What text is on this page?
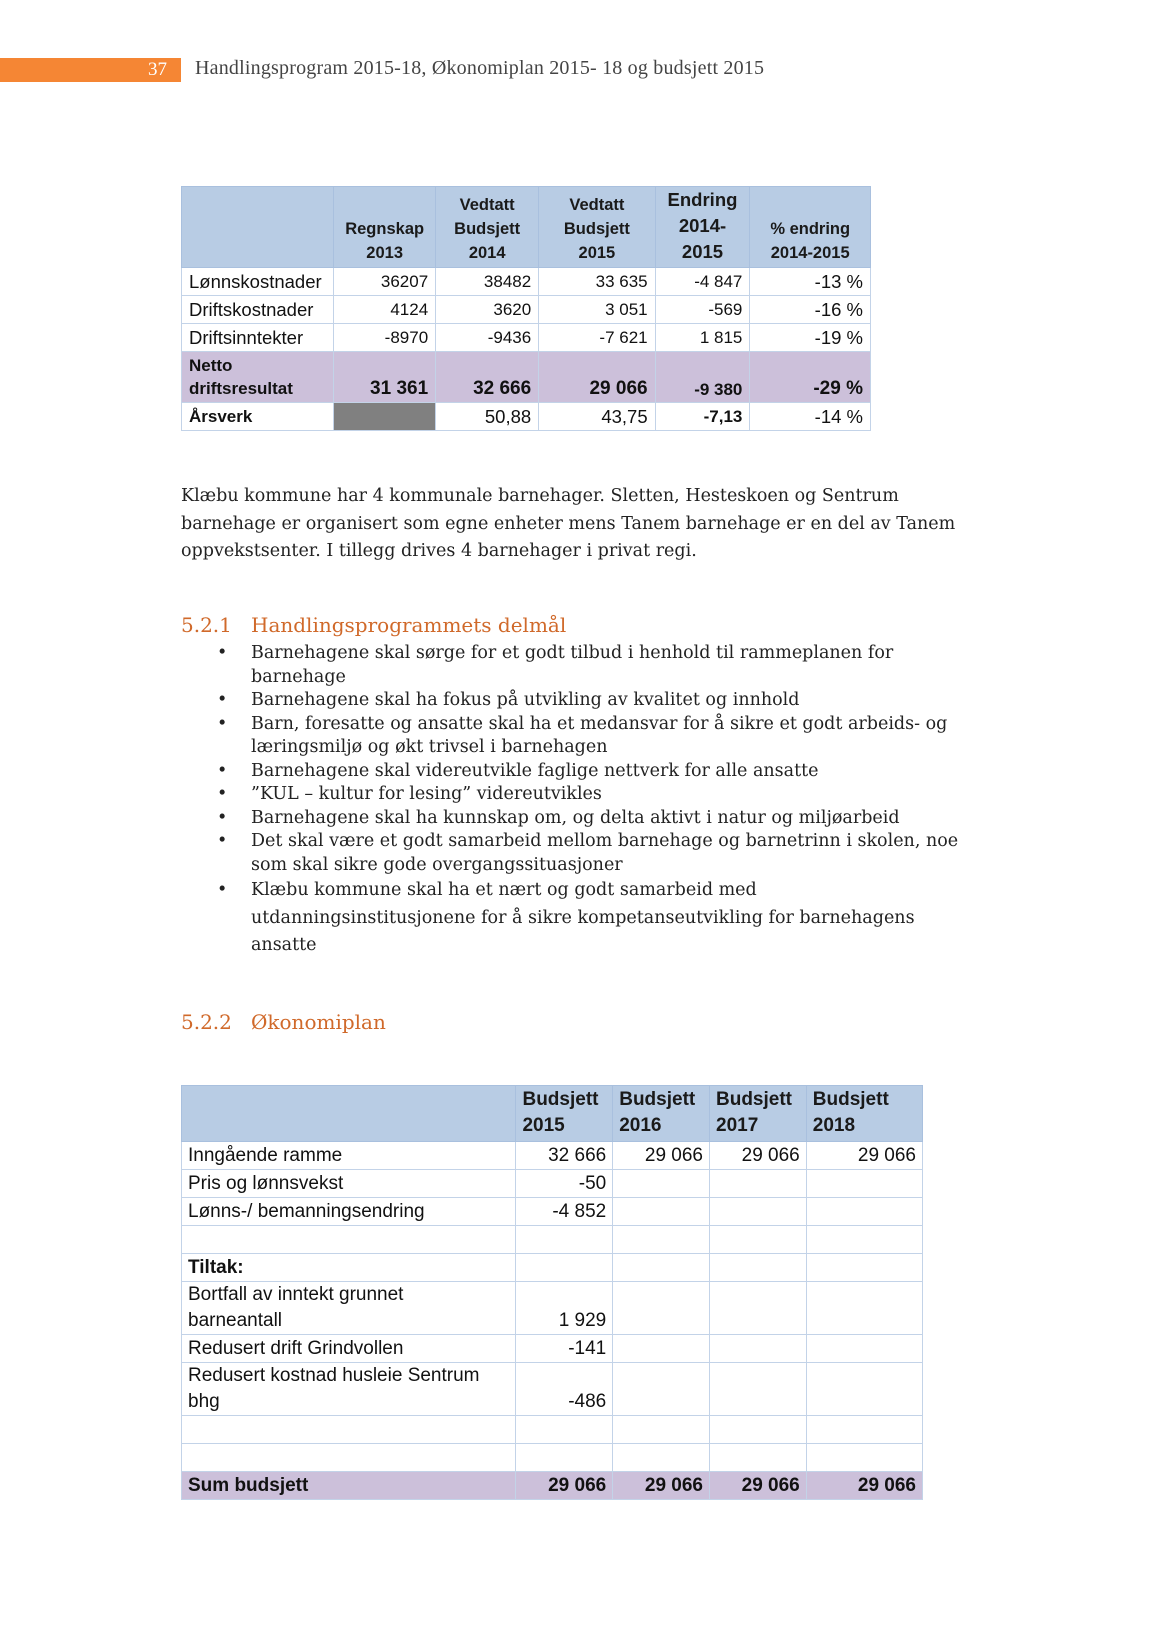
37 Handlingsprogram 2015-18, Økonomiplan 2015- 18 og budsjett 2015
	Regnskap
2013	Vedtatt
Budsjett
2014	Vedtatt
Budsjett
2015	Endring
2014-
2015	% endring
2014-2015
Lønnskostnader	36207	38482	33 635	-4 847	-13 %
Driftskostnader	4124	3620	3 051	-569	-16 %
Driftsinntekter	-8970	-9436	-7 621	1 815	-19 %
Netto
driftsresultat	31 361	32 666	29 066	-9 380	-29 %
Årsverk		50,88	43,75	-7,13	-14 %
Klæbu kommune har 4 kommunale barnehager. Sletten, Hesteskoen og Sentrum
barnehage er organisert som egne enheter mens Tanem barnehage er en del av Tanem
oppvekstsenter. I tillegg drives 4 barnehager i privat regi.
5.2.1 Handlingsprogrammets delmål
• Barnehagene skal sørge for et godt tilbud i henhold til rammeplanen for
barnehage
• Barnehagene skal ha fokus på utvikling av kvalitet og innhold
• Barn, foresatte og ansatte skal ha et medansvar for å sikre et godt arbeids- og
læringsmiljø og økt trivsel i barnehagen
• Barnehagene skal videreutvikle faglige nettverk for alle ansatte
• ”KUL – kultur for lesing” videreutvikles
• Barnehagene skal ha kunnskap om, og delta aktivt i natur og miljøarbeid
• Det skal være et godt samarbeid mellom barnehage og barnetrinn i skolen, noe
som skal sikre gode overgangssituasjoner
• Klæbu kommune skal ha et nært og godt samarbeid med
utdanningsinstitusjonene for å sikre kompetanseutvikling for barnehagens
ansatte
5.2.2 Økonomiplan
	Budsjett
2015	Budsjett
2016	Budsjett
2017	Budsjett
2018
Inngående ramme	32 666	29 066	29 066	29 066
Pris og lønnsvekst	-50			
Lønns-/ bemanningsendring	-4 852			

Tiltak:				
Bortfall av inntekt grunnet
barneantall	1 929			
Redusert drift Grindvollen	-141			
Redusert kostnad husleie Sentrum
bhg	-486			

Sum budsjett	29 066	29 066	29 066	29 066
